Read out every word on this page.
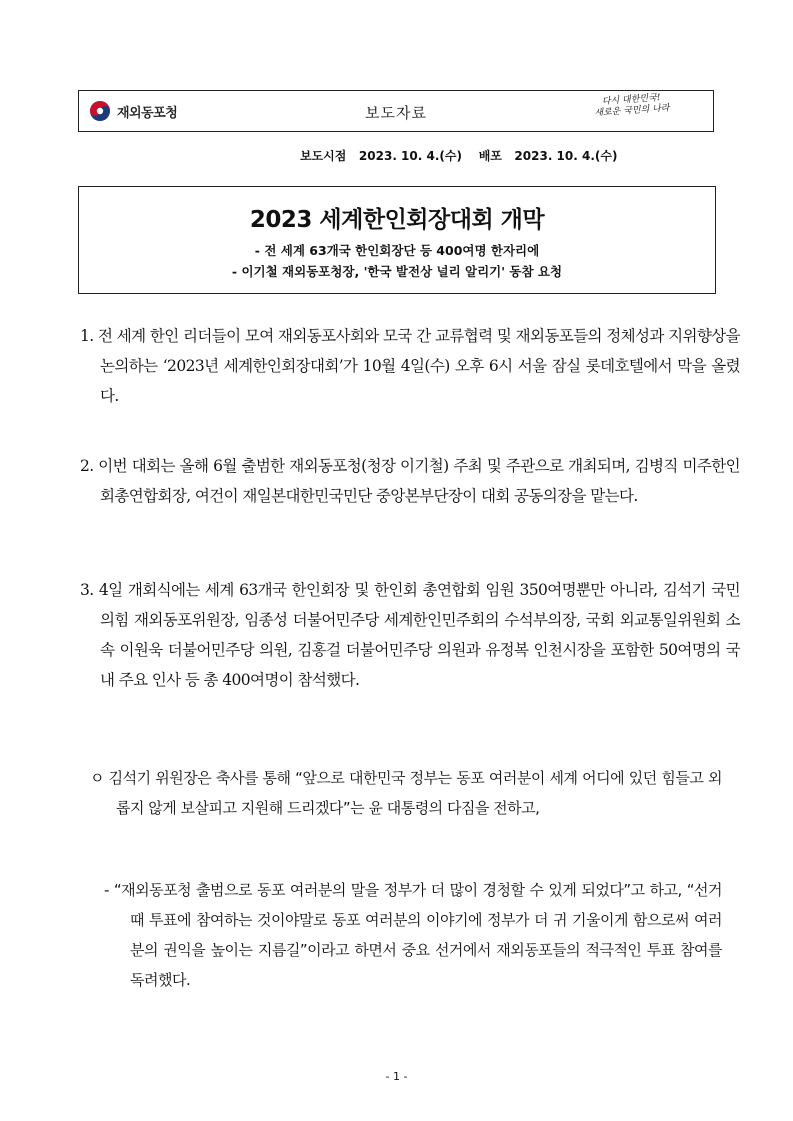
재외동포청	보도자료
다시 대한민국!
새로운 국민의 나라
보도시점 2023. 10. 4.(수) 배포 2023. 10. 4.(수)
2023 세계한인회장대회 개막
- 전 세계 63개국 한인회장단 등 400여명 한자리에
- 이기철 재외동포청장, '한국 발전상 널리 알리기' 동참 요청
1. 전 세계 한인 리더들이 모여 재외동포사회와 모국 간 교류협력 및 재외동포들의 정체성과 지위향상을 논의하는 ‘2023년 세계한인회장대회’가 10월 4일(수) 오후 6시 서울 잠실 롯데호텔에서 막을 올렸다.
2. 이번 대회는 올해 6월 출범한 재외동포청(청장 이기철) 주최 및 주관으로 개최되며, 김병직 미주한인회총연합회장, 여건이 재일본대한민국민단 중앙본부단장이 대회 공동의장을 맡는다.
3. 4일 개회식에는 세계 63개국 한인회장 및 한인회 총연합회 임원 350여명뿐만 아니라, 김석기 국민의힘 재외동포위원장, 임종성 더불어민주당 세계한인민주회의 수석부의장, 국회 외교통일위원회 소속 이원욱 더불어민주당 의원, 김홍걸 더불어민주당 의원과 유정복 인천시장을 포함한 50여명의 국내 주요 인사 등 총 400여명이 참석했다.
ㅇ 김석기 위원장은 축사를 통해 “앞으로 대한민국 정부는 동포 여러분이 세계 어디에 있던 힘들고 외롭지 않게 보살피고 지원해 드리겠다”는 윤 대통령의 다짐을 전하고,
- “재외동포청 출범으로 동포 여러분의 말을 정부가 더 많이 경청할 수 있게 되었다”고 하고, “선거때 투표에 참여하는 것이야말로 동포 여러분의 이야기에 정부가 더 귀 기울이게 함으로써 여러분의 권익을 높이는 지름길”이라고 하면서 중요 선거에서 재외동포들의 적극적인 투표 참여를 독려했다.
- 1 -
